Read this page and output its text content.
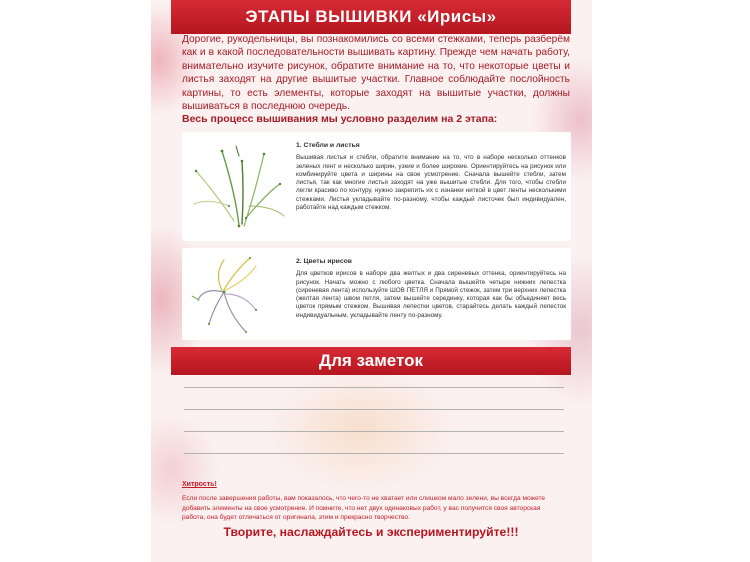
ЭТАПЫ ВЫШИВКИ «Ирисы»

Дорогие, рукодельницы, вы познакомились со всеми стежками, теперь разберём как и в какой последовательности вышивать картину. Прежде чем начать работу, внимательно изучите рисунок, обратите внимание на то, что некоторые цветы и листья заходят на другие вышитые участки. Главное соблюдайте послойность картины, то есть элементы, которые заходят на вышитые участки, должны вышиваться в последнюю очередь.

Весь процесс вышивания мы условно разделим на 2 этапа:

1. Стебли и листья
Вышивая листья и стебли, обратите внимание на то, что в наборе несколько оттенков зеленых лент и несколько ширин, узкие и более широкие. Ориентируйтесь на рисунок или комбинируйте цвета и ширины на свое усмотрение. Сначала вышейте стебли, затем листья, так как многие листья заходят на уже вышитые стебли. Для того, чтобы стебли легли красиво по контуру, нужно закрепить их с изнанки ниткой в цвет ленты несколькими стежками. Листья укладывайте по-разному, чтобы каждый листочек был индивидуален, работайте над каждым стежком.
2. Цветы ирисов
Для цветков ирисов в наборе два желтых и два сиреневых оттенка, ориентируйтесь на рисунок. Начать можно с любого цветка. Сначала вышейте четыре нижних лепестка (сиреневая лента) используйте ШОВ ПЕТЛЯ и Прямой стежок, затем три верхних лепестка (желтая лента) швом петля, затем вышейте серединку, которая как бы объединяет весь цветок прямым стежком. Вышивая лепестки цветов, старайтесь делать каждый лепесток индивидуальным, укладывайте ленту по-разному.
Для заметок
Хитрость!
Если после завершения работы, вам показалось, что чего-то не хватает или слишком мало зелени, вы всегда можете добавить элементы на свое усмотрение. И помните, что нет двух одинаковых работ, у вас получится своя авторская работа, она будет отличаться от оригинала, этим и прекрасно творчество.
Творите, наслаждайтесь и экспериментируйте!!!
